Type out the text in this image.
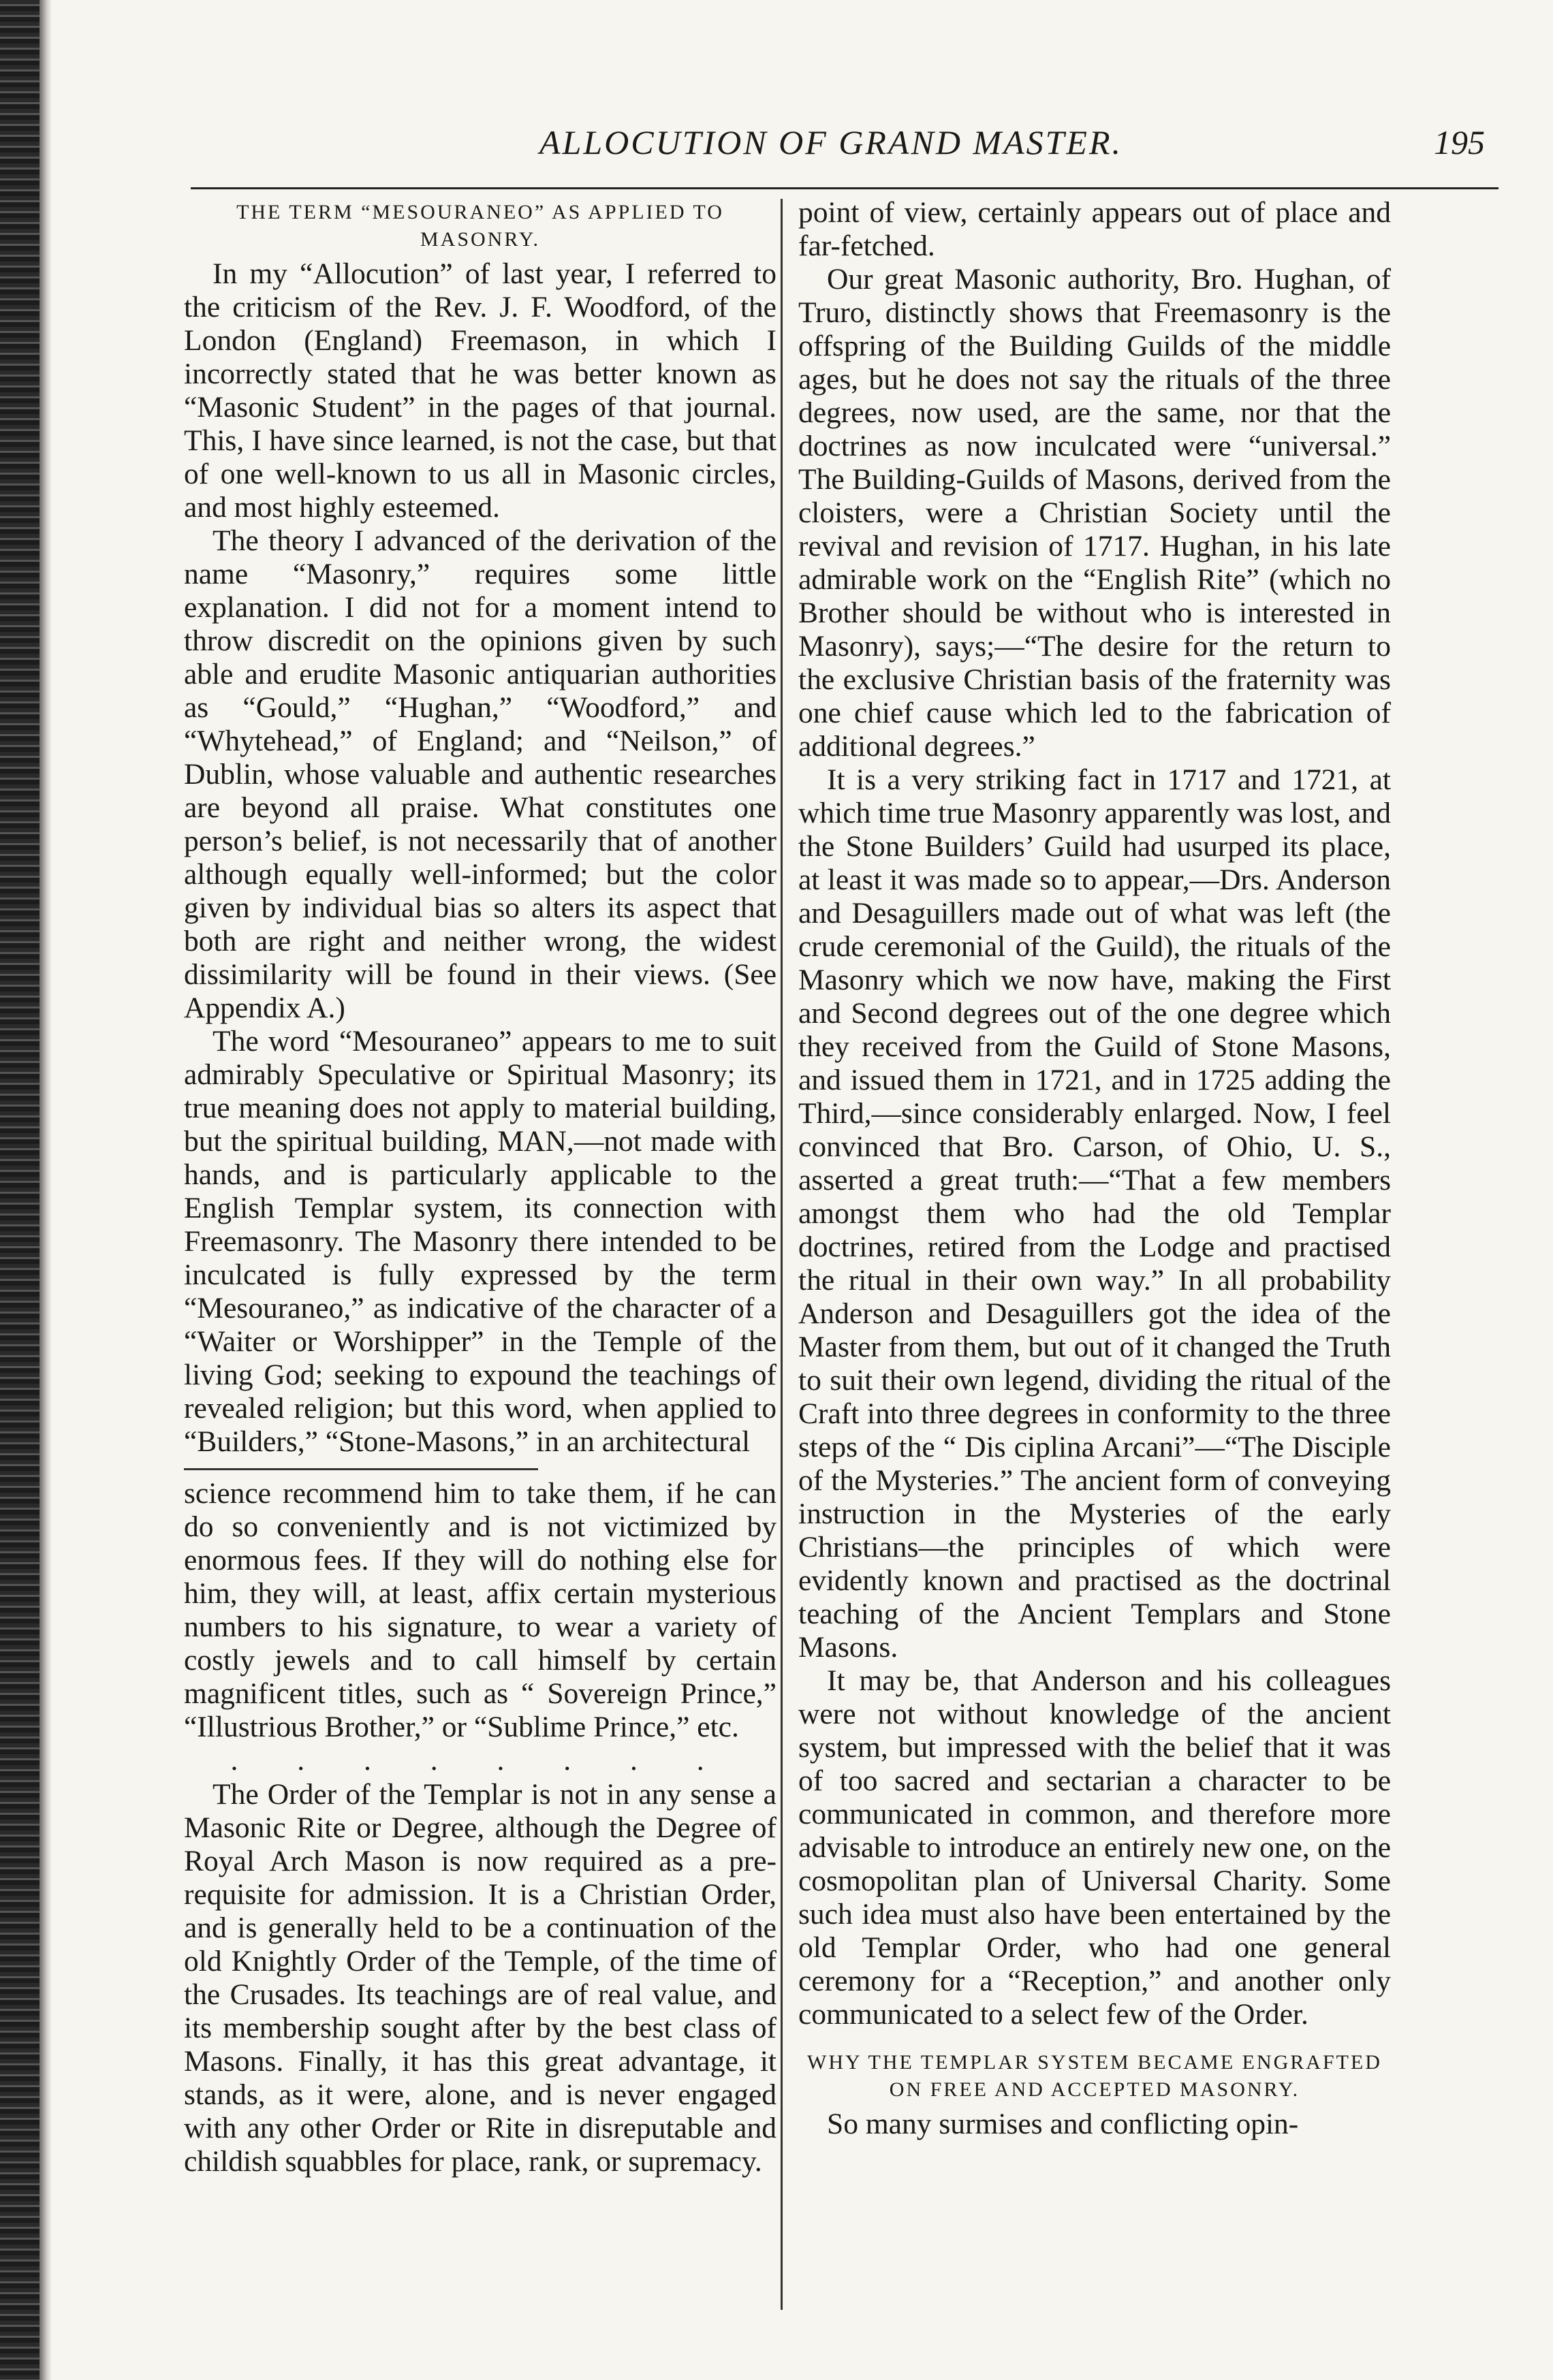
ALLOCUTION OF GRAND MASTER.	195
THE TERM “MESOURANEO” AS APPLIED TO MASONRY.

In my “Allocution” of last year, I referred to the criticism of the Rev. J. F. Woodford, of the London (England) Freemason, in which I incorrectly stated that he was better known as “Masonic Student” in the pages of that journal. This, I have since learned, is not the case, but that of one well-known to us all in Masonic circles, and most highly esteemed.

The theory I advanced of the derivation of the name “Masonry,” requires some little explanation. I did not for a moment intend to throw discredit on the opinions given by such able and erudite Masonic antiquarian authorities as “Gould,” “Hughan,” “Woodford,” and “Whytehead,” of England; and “Neilson,” of Dublin, whose valuable and authentic researches are beyond all praise. What constitutes one person’s belief, is not necessarily that of another although equally well-informed; but the color given by individual bias so alters its aspect that both are right and neither wrong, the widest dissimilarity will be found in their views. (See Appendix A.)

The word “Mesouraneo” appears to me to suit admirably Speculative or Spiritual Masonry; its true meaning does not apply to material building, but the spiritual building, MAN,—not made with hands, and is particularly applicable to the English Templar system, its connection with Freemasonry. The Masonry there intended to be inculcated is fully expressed by the term “Mesouraneo,” as indicative of the character of a “Waiter or Worshipper” in the Temple of the living God; seeking to expound the teachings of revealed religion; but this word, when applied to “Builders,” “Stone-Masons,” in an architectural

science recommend him to take them, if he can do so conveniently and is not victimized by enormous fees. If they will do nothing else for him, they will, at least, affix certain mysterious numbers to his signature, to wear a variety of costly jewels and to call himself by certain magnificent titles, such as “ Sovereign Prince,” “Illustrious Brother,” or “Sublime Prince,” etc.

. . . . . . . .

The Order of the Templar is not in any sense a Masonic Rite or Degree, although the Degree of Royal Arch Mason is now required as a pre-requisite for admission. It is a Christian Order, and is generally held to be a continuation of the old Knightly Order of the Temple, of the time of the Crusades. Its teachings are of real value, and its membership sought after by the best class of Masons. Finally, it has this great advantage, it stands, as it were, alone, and is never engaged with any other Order or Rite in disreputable and childish squabbles for place, rank, or supremacy.

point of view, certainly appears out of place and far-fetched.

Our great Masonic authority, Bro. Hughan, of Truro, distinctly shows that Freemasonry is the offspring of the Building Guilds of the middle ages, but he does not say the rituals of the three degrees, now used, are the same, nor that the doctrines as now inculcated were “universal.” The Building-Guilds of Masons, derived from the cloisters, were a Christian Society until the revival and revision of 1717. Hughan, in his late admirable work on the “English Rite” (which no Brother should be without who is interested in Masonry), says;—“The desire for the return to the exclusive Christian basis of the fraternity was one chief cause which led to the fabrication of additional degrees.”

It is a very striking fact in 1717 and 1721, at which time true Masonry apparently was lost, and the Stone Builders’ Guild had usurped its place, at least it was made so to appear,—Drs. Anderson and Desaguillers made out of what was left (the crude ceremonial of the Guild), the rituals of the Masonry which we now have, making the First and Second degrees out of the one degree which they received from the Guild of Stone Masons, and issued them in 1721, and in 1725 adding the Third,—since considerably enlarged. Now, I feel convinced that Bro. Carson, of Ohio, U. S., asserted a great truth:—“That a few members amongst them who had the old Templar doctrines, retired from the Lodge and practised the ritual in their own way.” In all probability Anderson and Desaguillers got the idea of the Master from them, but out of it changed the Truth to suit their own legend, dividing the ritual of the Craft into three degrees in conformity to the three steps of the “ Dis ciplina Arcani”—“The Disciple of the Mysteries.” The ancient form of conveying instruction in the Mysteries of the early Christians—the principles of which were evidently known and practised as the doctrinal teaching of the Ancient Templars and Stone Masons.

It may be, that Anderson and his colleagues were not without knowledge of the ancient system, but impressed with the belief that it was of too sacred and sectarian a character to be communicated in common, and therefore more advisable to introduce an entirely new one, on the cosmopolitan plan of Universal Charity. Some such idea must also have been entertained by the old Templar Order, who had one general ceremony for a “Reception,” and another only communicated to a select few of the Order.

WHY THE TEMPLAR SYSTEM BECAME ENGRAFTED ON FREE AND ACCEPTED MASONRY.

So many surmises and conflicting opin-
